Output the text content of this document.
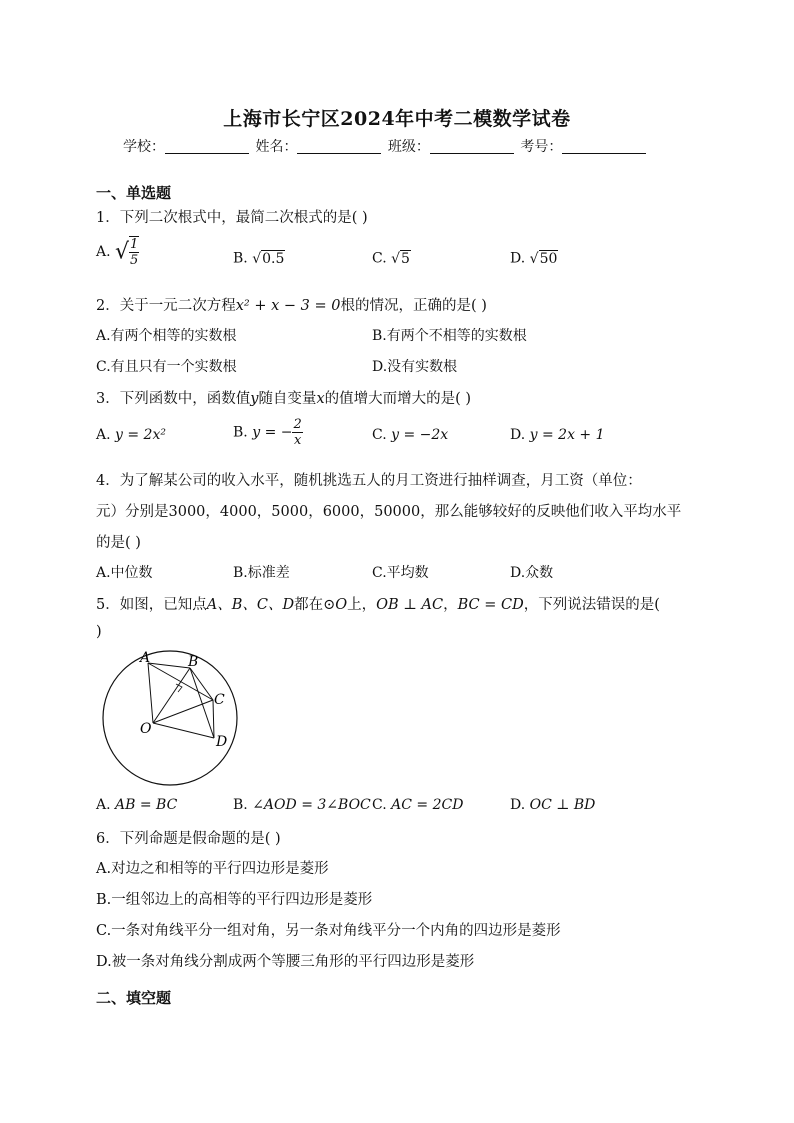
上海市长宁区2024年中考二模数学试卷
学校：	姓名：	班级：	考号：
一、单选题
1．下列二次根式中，最简二次根式的是( )
A. √ $\frac{1}{5}$	B. √0.5	C. √5	D. √50
2．关于一元二次方程x² + x − 3 = 0根的情况，正确的是( )
A.有两个相等的实数根	B.有两个不相等的实数根
C.有且只有一个实数根	D.没有实数根
3．下列函数中，函数值y随自变量x的值增大而增大的是( )
A. y = 2x²	B. y = − $\frac{2}{x}$	C. y = −2x	D. y = 2x + 1
4．为了解某公司的收入水平，随机挑选五人的月工资进行抽样调查，月工资（单位：
元）分别是3000，4000，5000，6000，50000，那么能够较好的反映他们收入平均水平
的是( )
A.中位数	B.标准差	C.平均数	D.众数
5．如图，已知点A、B、C、D都在⊙O上，OB ⊥ AC，BC = CD，下列说法错误的是(
)
A	B
C
D
O
A. AB = BC	B. ∠AOD = 3∠BOC C. AC = 2CD	D. OC ⊥ BD
6．下列命题是假命题的是( )
A.对边之和相等的平行四边形是菱形
B.一组邻边上的高相等的平行四边形是菱形
C.一条对角线平分一组对角，另一条对角线平分一个内角的四边形是菱形
D.被一条对角线分割成两个等腰三角形的平行四边形是菱形
二、填空题
